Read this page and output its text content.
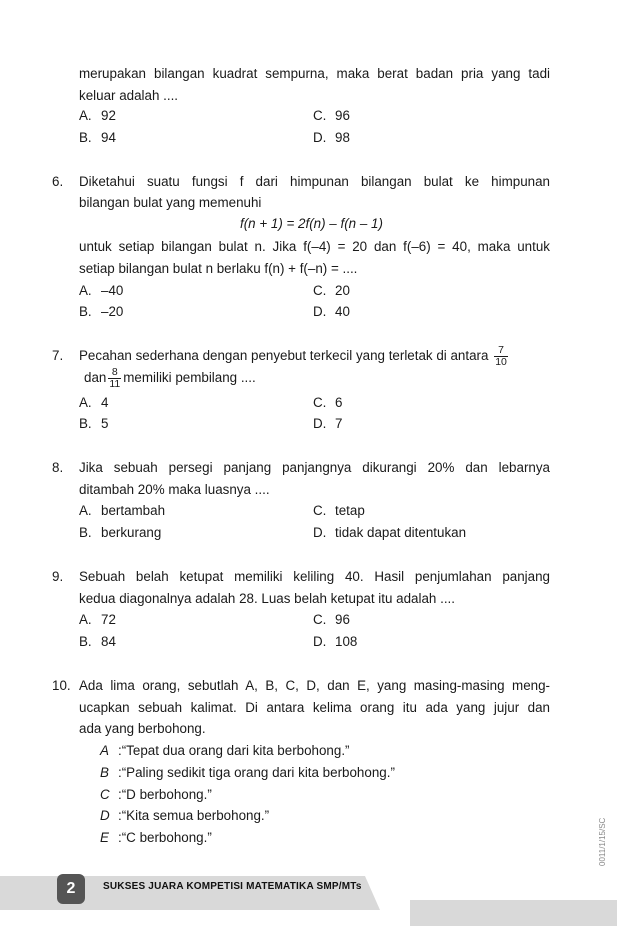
merupakan bilangan kuadrat sempurna, maka berat badan pria yang tadi
keluar adalah ....
A. 92
B. 94
C. 96
D. 98
6. Diketahui suatu fungsi f dari himpunan bilangan bulat ke himpunan
bilangan bulat yang memenuhi
f(n + 1) = 2f(n) – f(n – 1)
untuk setiap bilangan bulat n. Jika f(–4) = 20 dan f(–6) = 40, maka untuk
setiap bilangan bulat n berlaku f(n) + f(–n) = ....
A. –40
B. –20
C. 20
D. 40
7. Pecahan sederhana dengan penyebut terkecil yang terletak di antara $\frac{7}{10}$
dan $\frac{8}{11}$ memiliki pembilang ....
A. 4
B. 5
C. 6
D. 7
8. Jika sebuah persegi panjang panjangnya dikurangi 20% dan lebarnya
ditambah 20% maka luasnya ....
A. bertambah
B. berkurang
C. tetap
D. tidak dapat ditentukan
9. Sebuah belah ketupat memiliki keliling 40. Hasil penjumlahan panjang
kedua diagonalnya adalah 28. Luas belah ketupat itu adalah ....
A. 72
B. 84
C. 96
D. 108
10. Ada lima orang, sebutlah A, B, C, D, dan E, yang masing-masing meng-
ucapkan sebuah kalimat. Di antara kelima orang itu ada yang jujur dan
ada yang berbohong.
A :“Tepat dua orang dari kita berbohong.”
B :“Paling sedikit tiga orang dari kita berbohong.”
C :“D berbohong.”
D :“Kita semua berbohong.”
E :“C berbohong.”
2	SUKSES JUARA KOMPETISI MATEMATIKA SMP/MTs
0011/1/15/SC
